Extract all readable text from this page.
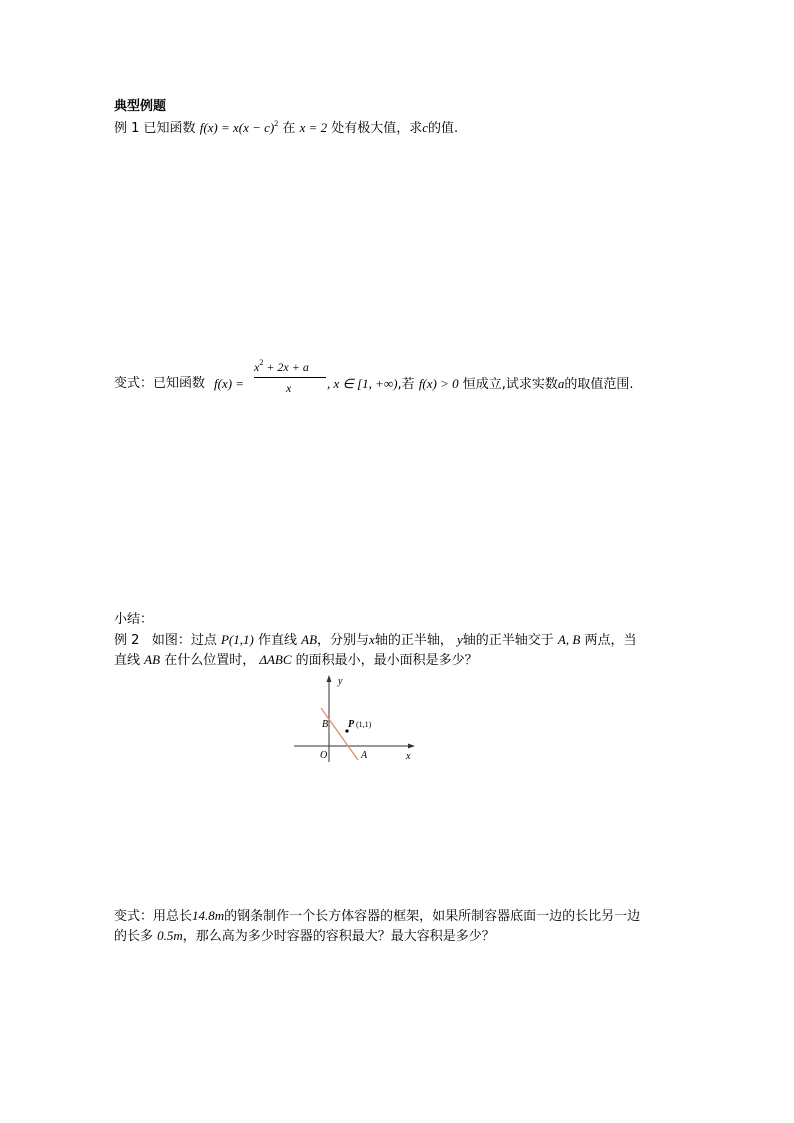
典型例题
例 1 已知函数 $f(x) = x(x - c)^2$ 在 x = 2 处有极大值，求c的值.
变式：已知函数 f(x) =
$x^2 + 2x + a$
x	, x ∈ [1, +∞),若 f(x) > 0 恒成立,试求实数a的取值范围.
小结：
例 2 如图：过点 P(1,1) 作直线 AB，分别与x轴的正半轴， y轴的正半轴交于 A, B 两点，当
直线 AB 在什么位置时， ΔABC 的面积最小，最小面积是多少？
y
x
O
B
A
P (1,1)
变式：用总长14.8m的钢条制作一个长方体容器的框架，如果所制容器底面一边的长比另一边
的长多 0.5m，那么高为多少时容器的容积最大？最大容积是多少？
